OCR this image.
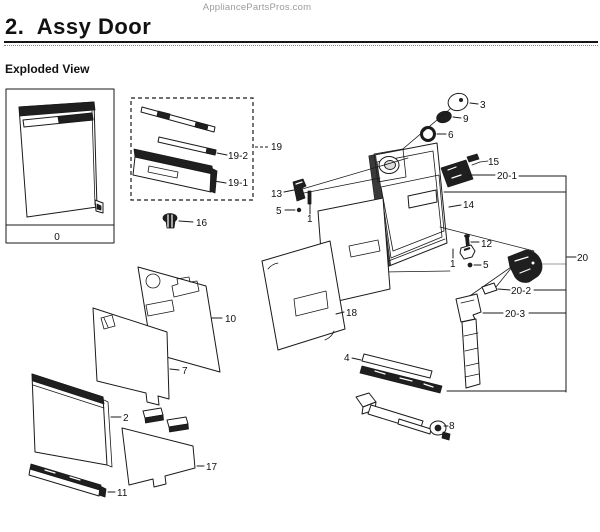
AppliancePartsPros.com
2.  Assy Door
Exploded View
0
19
19-2
19-1
16
3
9
6
15
20-1
14
13
5
1
18
12
1	5
20
20-2
20-3
10
7
2
17
11
4
8
